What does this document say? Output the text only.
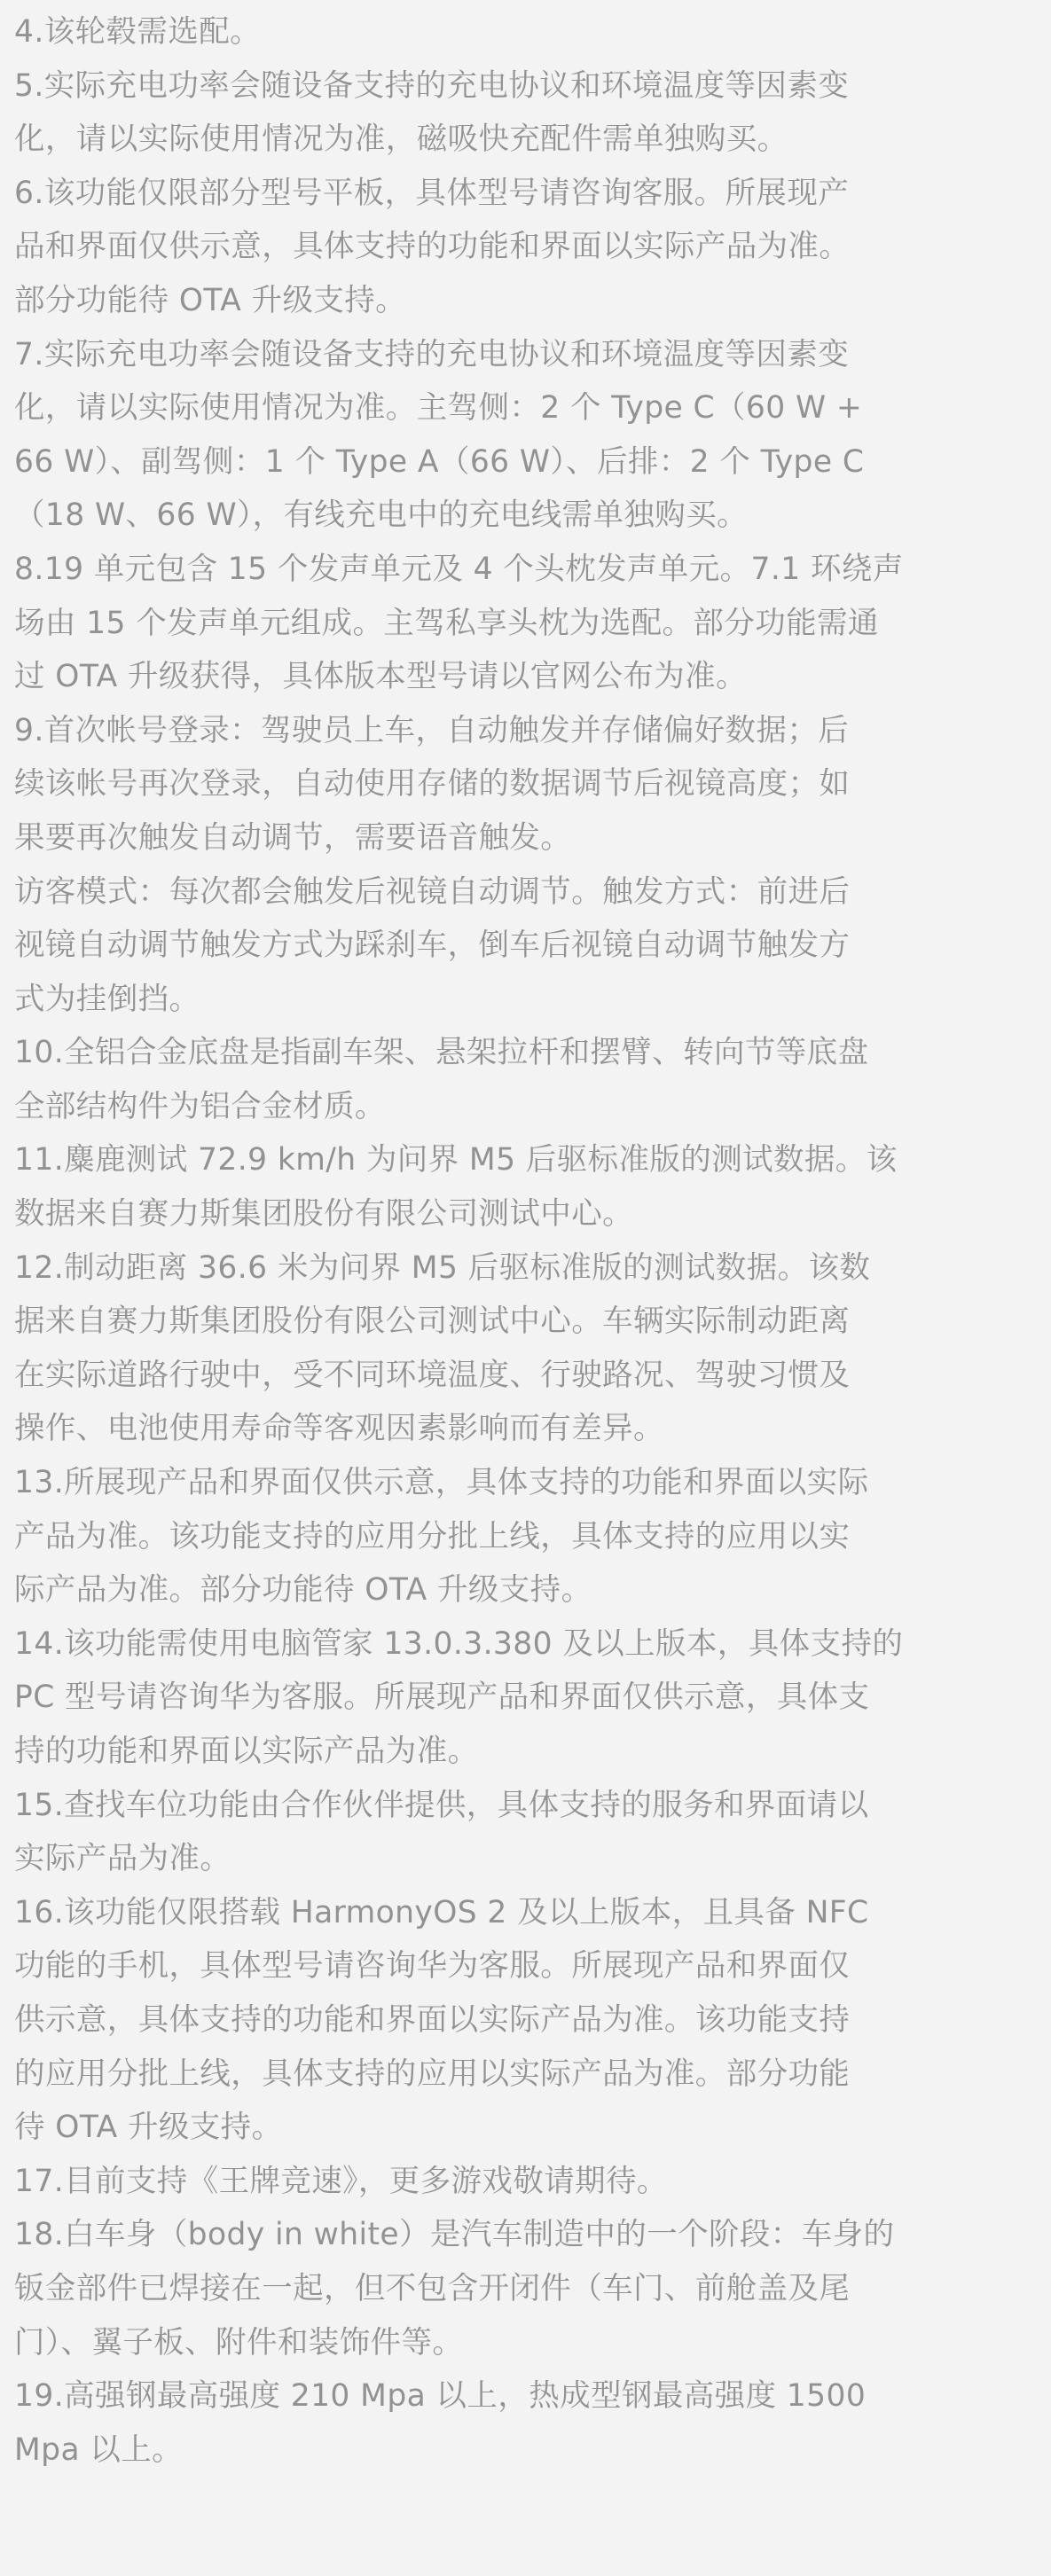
4.该轮毂需选配。

5.实际充电功率会随设备支持的充电协议和环境温度等因素变
化，请以实际使用情况为准，磁吸快充配件需单独购买。

6.该功能仅限部分型号平板，具体型号请咨询客服。所展现产
品和界面仅供示意，具体支持的功能和界面以实际产品为准。
部分功能待 OTA 升级支持。

7.实际充电功率会随设备支持的充电协议和环境温度等因素变
化，请以实际使用情况为准。主驾侧：2 个 Type C（60 W +
66 W）、副驾侧：1 个 Type A（66 W）、后排：2 个 Type C
（18 W、66 W），有线充电中的充电线需单独购买。

8.19 单元包含 15 个发声单元及 4 个头枕发声单元。7.1 环绕声
场由 15 个发声单元组成。主驾私享头枕为选配。部分功能需通
过 OTA 升级获得，具体版本型号请以官网公布为准。

9.首次帐号登录：驾驶员上车，自动触发并存储偏好数据；后
续该帐号再次登录，自动使用存储的数据调节后视镜高度；如
果要再次触发自动调节，需要语音触发。

访客模式：每次都会触发后视镜自动调节。触发方式：前进后
视镜自动调节触发方式为踩刹车，倒车后视镜自动调节触发方
式为挂倒挡。

10.全铝合金底盘是指副车架、悬架拉杆和摆臂、转向节等底盘
全部结构件为铝合金材质。

11.麋鹿测试 72.9 km/h 为问界 M5 后驱标准版的测试数据。该
数据来自赛力斯集团股份有限公司测试中心。

12.制动距离 36.6 米为问界 M5 后驱标准版的测试数据。该数
据来自赛力斯集团股份有限公司测试中心。车辆实际制动距离
在实际道路行驶中，受不同环境温度、行驶路况、驾驶习惯及
操作、电池使用寿命等客观因素影响而有差异。

13.所展现产品和界面仅供示意，具体支持的功能和界面以实际
产品为准。该功能支持的应用分批上线，具体支持的应用以实
际产品为准。部分功能待 OTA 升级支持。

14.该功能需使用电脑管家 13.0.3.380 及以上版本，具体支持的
PC 型号请咨询华为客服。所展现产品和界面仅供示意，具体支
持的功能和界面以实际产品为准。

15.查找车位功能由合作伙伴提供，具体支持的服务和界面请以
实际产品为准。

16.该功能仅限搭载 HarmonyOS 2 及以上版本，且具备 NFC
功能的手机，具体型号请咨询华为客服。所展现产品和界面仅
供示意，具体支持的功能和界面以实际产品为准。该功能支持
的应用分批上线，具体支持的应用以实际产品为准。部分功能
待 OTA 升级支持。

17.目前支持《王牌竞速》，更多游戏敬请期待。

18.白车身（body in white）是汽车制造中的一个阶段：车身的
钣金部件已焊接在一起，但不包含开闭件（车门、前舱盖及尾
门）、翼子板、附件和装饰件等。

19.高强钢最高强度 210 Mpa 以上，热成型钢最高强度 1500
Mpa 以上。
